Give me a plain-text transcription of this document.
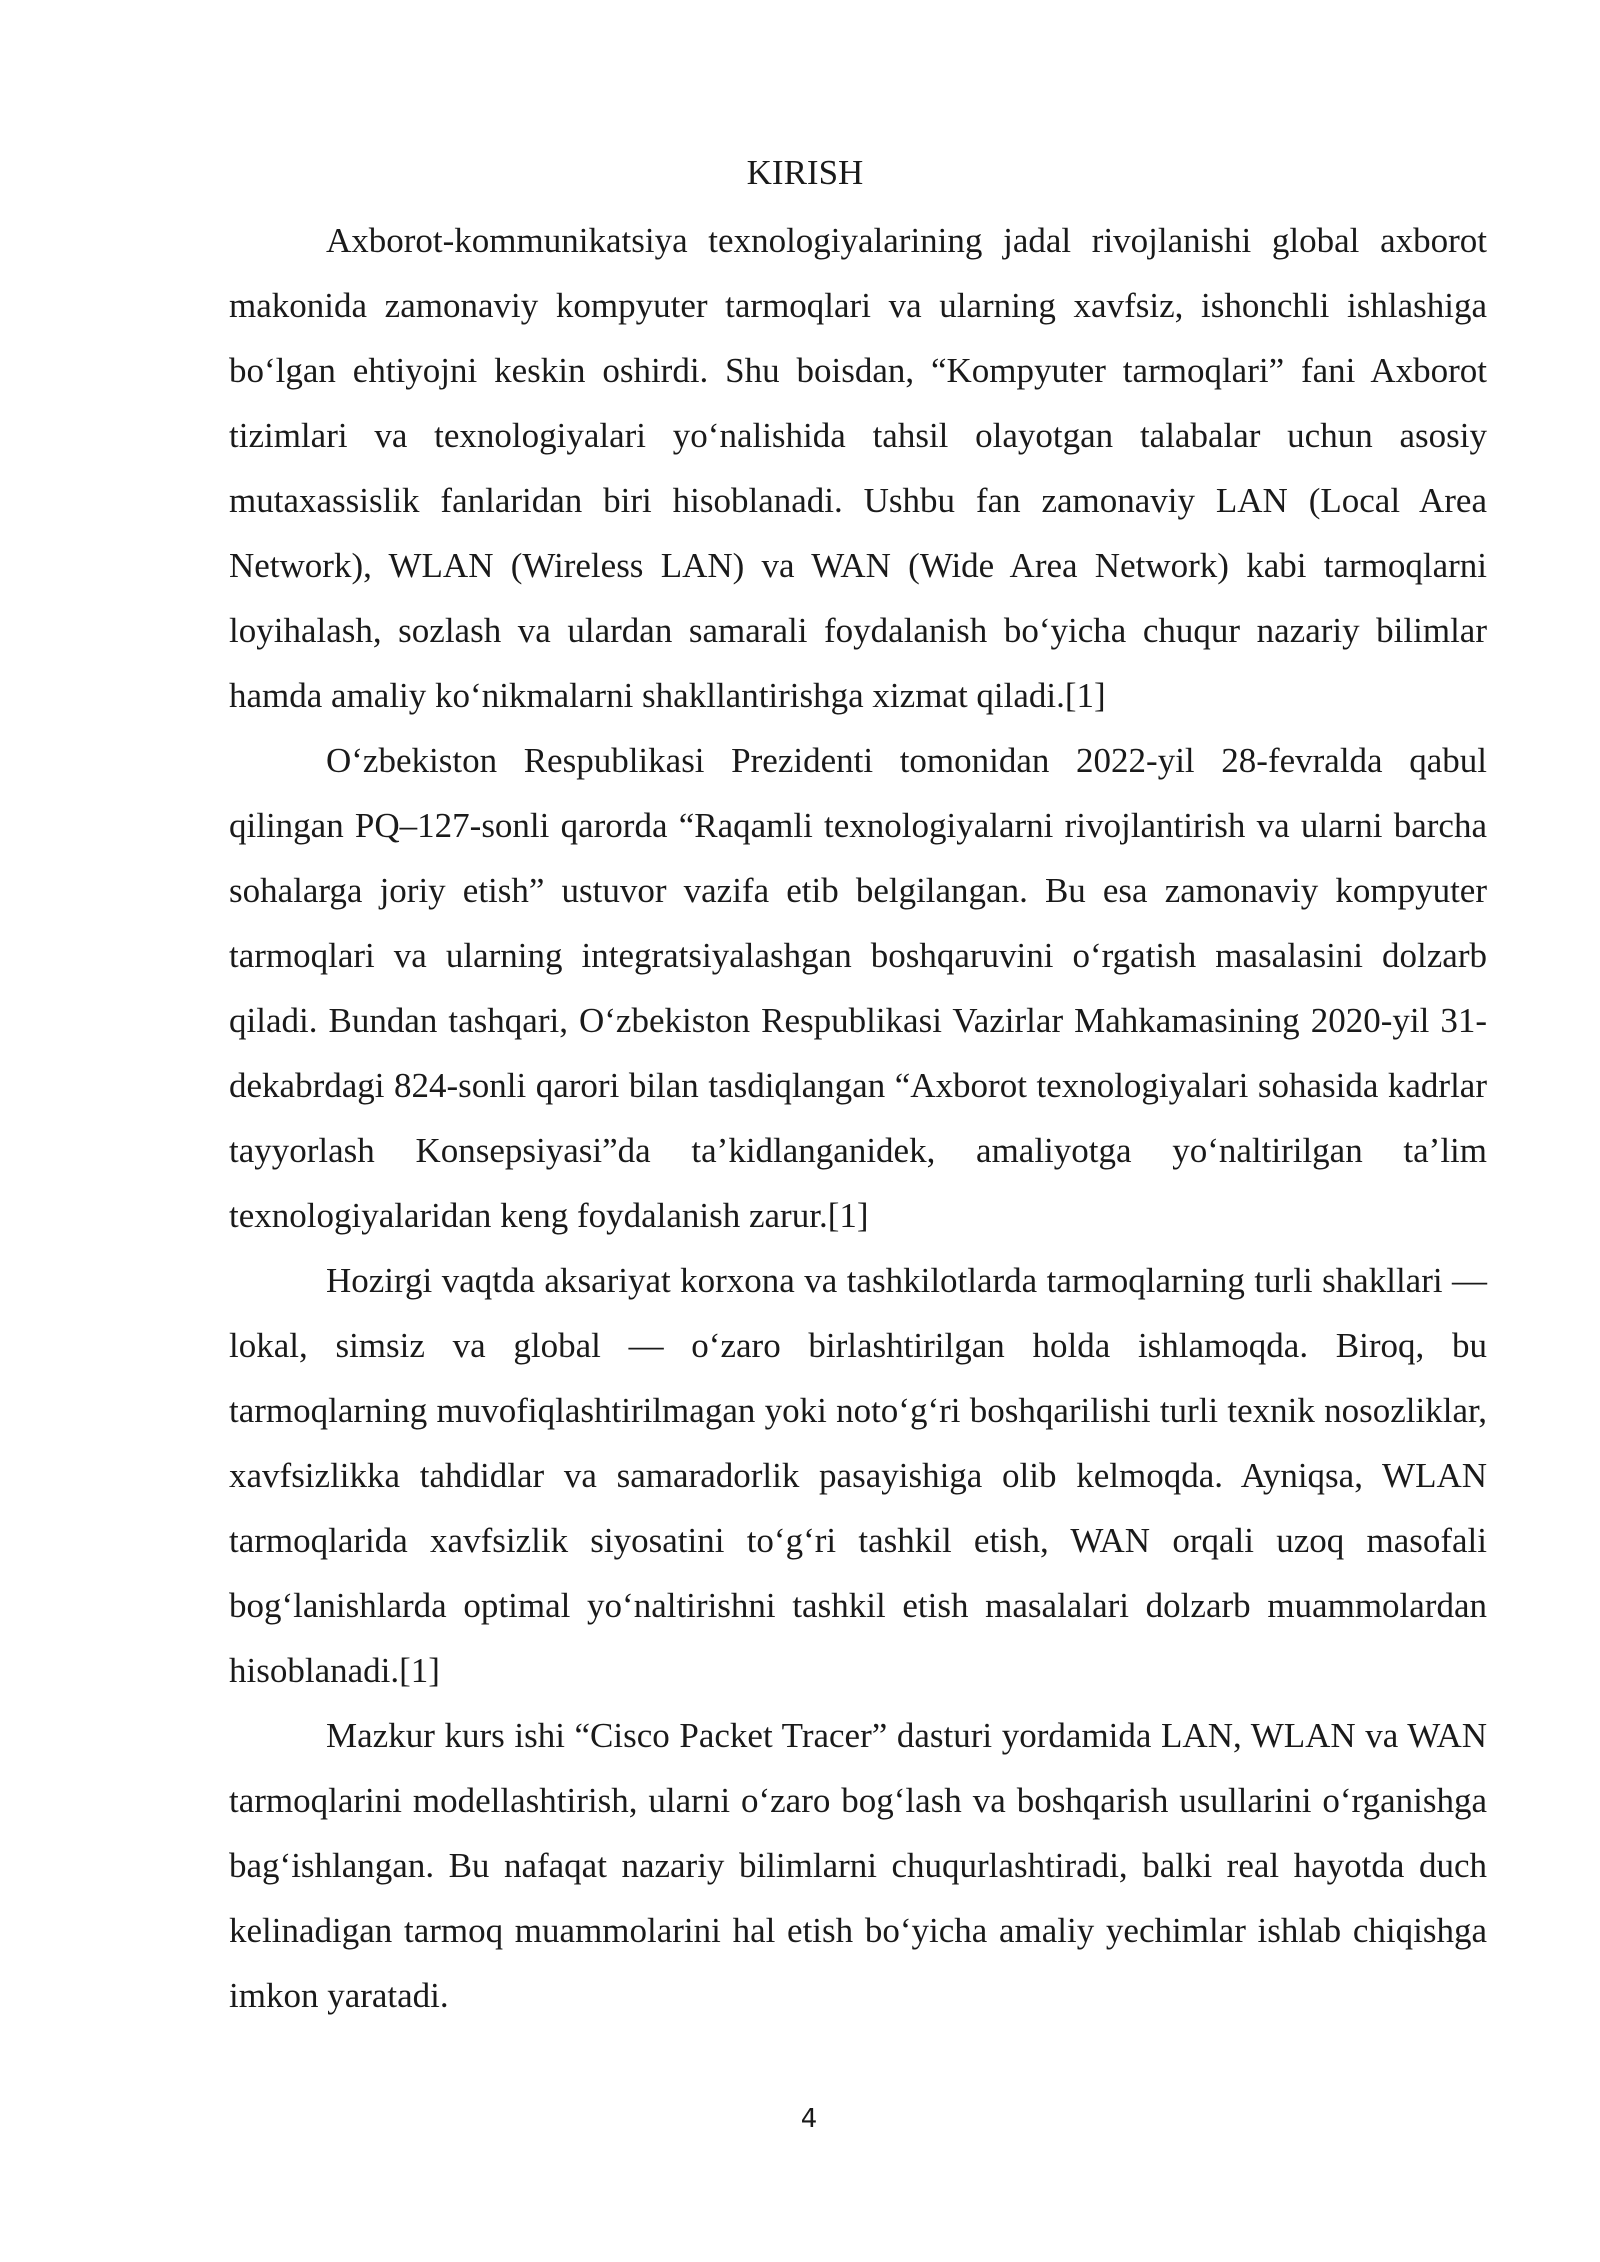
KIRISH

Axborot-kommunikatsiya texnologiyalarining jadal rivojlanishi global axborot makonida zamonaviy kompyuter tarmoqlari va ularning xavfsiz, ishonchli ishlashiga boʻlgan ehtiyojni keskin oshirdi. Shu boisdan, “Kompyuter tarmoqlari” fani Axborot tizimlari va texnologiyalari yoʻnalishida tahsil olayotgan talabalar uchun asosiy mutaxassislik fanlaridan biri hisoblanadi. Ushbu fan zamonaviy LAN (Local Area Network), WLAN (Wireless LAN) va WAN (Wide Area Network) kabi tarmoqlarni loyihalash, sozlash va ulardan samarali foydalanish boʻyicha chuqur nazariy bilimlar hamda amaliy koʻnikmalarni shakllantirishga xizmat qiladi.[1]

Oʻzbekiston Respublikasi Prezidenti tomonidan 2022-yil 28-fevralda qabul qilingan PQ–127-sonli qarorda “Raqamli texnologiyalarni rivojlantirish va ularni barcha sohalarga joriy etish” ustuvor vazifa etib belgilangan. Bu esa zamonaviy kompyuter tarmoqlari va ularning integratsiyalashgan boshqaruvini oʻrgatish masalasini dolzarb qiladi. Bundan tashqari, Oʻzbekiston Respublikasi Vazirlar Mahkamasining 2020-yil 31-dekabrdagi 824-sonli qarori bilan tasdiqlangan “Axborot texnologiyalari sohasida kadrlar tayyorlash Konsepsiyasi”da ta’kidlanganidek, amaliyotga yoʻnaltirilgan ta’lim texnologiyalaridan keng foydalanish zarur.[1]

Hozirgi vaqtda aksariyat korxona va tashkilotlarda tarmoqlarning turli shakllari — lokal, simsiz va global — oʻzaro birlashtirilgan holda ishlamoqda. Biroq, bu tarmoqlarning muvofiqlashtirilmagan yoki notoʻgʻri boshqarilishi turli texnik nosozliklar, xavfsizlikka tahdidlar va samaradorlik pasayishiga olib kelmoqda. Ayniqsa, WLAN tarmoqlarida xavfsizlik siyosatini toʻgʻri tashkil etish, WAN orqali uzoq masofali bogʻlanishlarda optimal yoʻnaltirishni tashkil etish masalalari dolzarb muammolardan hisoblanadi.[1]

Mazkur kurs ishi “Cisco Packet Tracer” dasturi yordamida LAN, WLAN va WAN tarmoqlarini modellashtirish, ularni oʻzaro bogʻlash va boshqarish usullarini oʻrganishga bagʻishlangan. Bu nafaqat nazariy bilimlarni chuqurlashtiradi, balki real hayotda duch kelinadigan tarmoq muammolarini hal etish boʻyicha amaliy yechimlar ishlab chiqishga imkon yaratadi.

4
